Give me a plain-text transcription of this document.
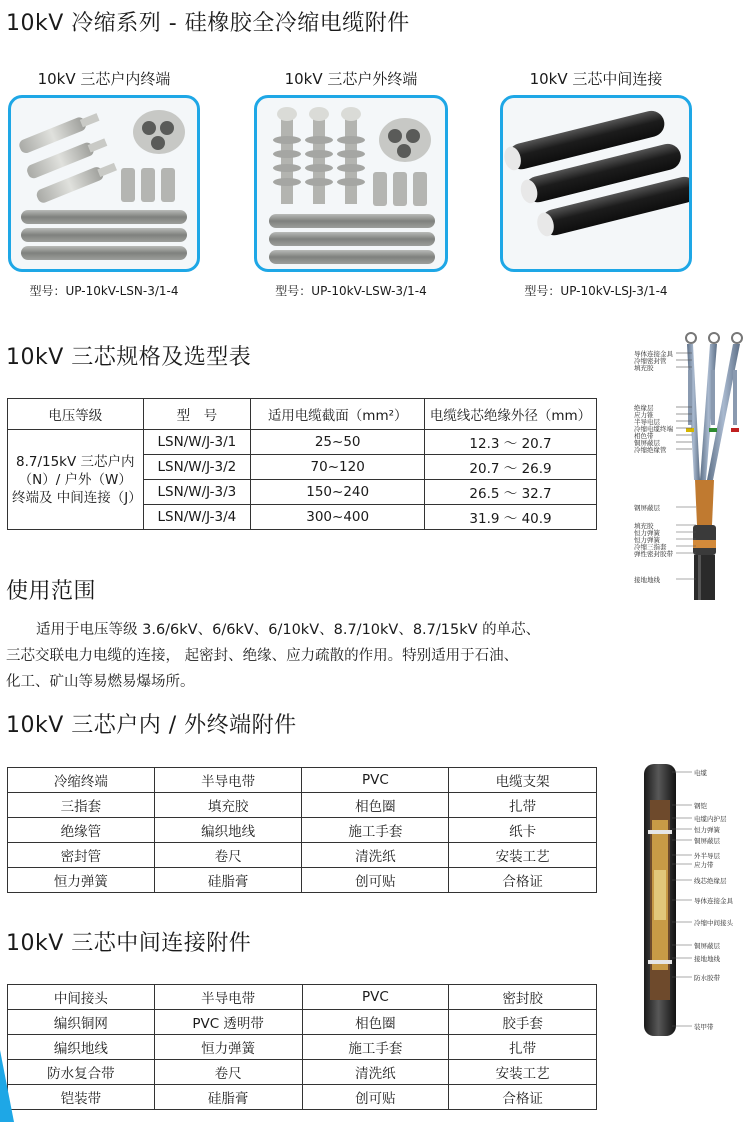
10kV 冷缩系列 - 硅橡胶全冷缩电缆附件
10kV 三芯户内终端	10kV 三芯户外终端	10kV 三芯中间连接
型号：UP-10kV-LSN-3/1-4	型号：UP-10kV-LSW-3/1-4	型号：UP-10kV-LSJ-3/1-4
10kV 三芯规格及选型表
电压等级	型　号	适用电缆截面（mm²）	电缆线芯绝缘外径（mm）
8.7/15kV 三芯户内（N）/ 户外（W）终端及 中间连接（J）	LSN/W/J-3/1	25~50	12.3 ～ 20.7
	LSN/W/J-3/2	70~120	20.7 ～ 26.9
	LSN/W/J-3/3	150~240	26.5 ～ 32.7
	LSN/W/J-3/4	300~400	31.9 ～ 40.9
导体连接金具
冷缩密封管
填充胶
绝缘层
应力锥
半导电层
冷缩电缆终端
相色带
铜屏蔽层
冷缩绝缘管
钢屏蔽层
填充胶
恒力弹簧
恒力弹簧
冷缩三指套
弹性密封胶带
接地地线
使用范围
适用于电压等级 3.6/6kV、6/6kV、6/10kV、8.7/10kV、8.7/15kV 的单芯、
三芯交联电力电缆的连接， 起密封、绝缘、应力疏散的作用。特别适用于石油、
化工、矿山等易燃易爆场所。
10kV 三芯户内 / 外终端附件
冷缩终端	半导电带	PVC	电缆支架
三指套	填充胶	相色圈	扎带
绝缘管	编织地线	施工手套	纸卡
密封管	卷尺	清洗纸	安装工艺
恒力弹簧	硅脂膏	创可贴	合格证
电缆
钢铠
电缆内护层
恒力弹簧
铜屏蔽层
外半导层
应力带
线芯绝缘层
导体连接金具
冷缩中间接头
铜屏蔽层
接地地线
防水胶带
装甲带
10kV 三芯中间连接附件
中间接头	半导电带	PVC	密封胶
编织铜网	PVC 透明带	相色圈	胶手套
编织地线	恒力弹簧	施工手套	扎带
防水复合带	卷尺	清洗纸	安装工艺
铠装带	硅脂膏	创可贴	合格证
